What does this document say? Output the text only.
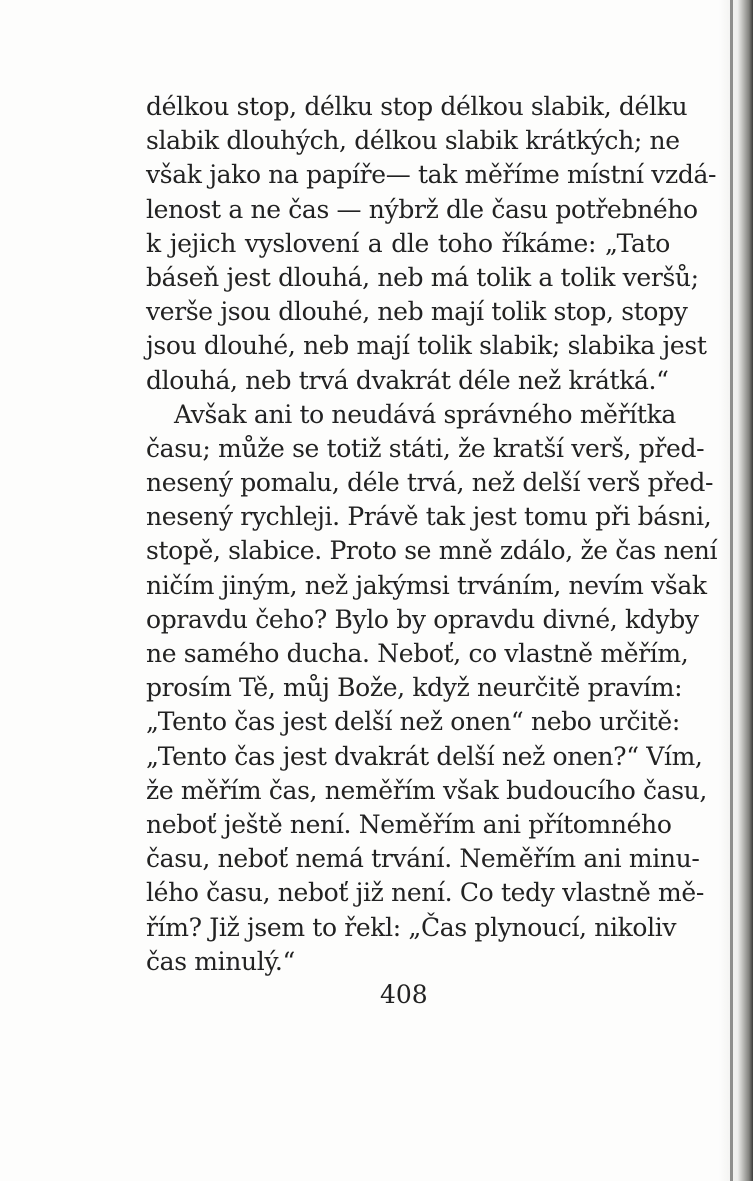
délkou stop, délku stop délkou slabik, délku
slabik dlouhých, délkou slabik krátkých; ne
však jako na papíře— tak měříme místní vzdá-
lenost a ne čas — nýbrž dle času potřebného
k jejich vyslovení a dle toho říkáme: „Tato
báseň jest dlouhá, neb má tolik a tolik veršů;
verše jsou dlouhé, neb mají tolik stop, stopy
jsou dlouhé, neb mají tolik slabik; slabika jest
dlouhá, neb trvá dvakrát déle než krátká.“
Avšak ani to neudává správného měřítka
času; může se totiž státi, že kratší verš, před-
nesený pomalu, déle trvá, než delší verš před-
nesený rychleji. Právě tak jest tomu při básni,
stopě, slabice. Proto se mně zdálo, že čas není
ničím jiným, než jakýmsi trváním, nevím však
opravdu čeho? Bylo by opravdu divné, kdyby
ne samého ducha. Neboť, co vlastně měřím,
prosím Tě, můj Bože, když neurčitě pravím:
„Tento čas jest delší než onen“ nebo určitě:
„Tento čas jest dvakrát delší než onen?“ Vím,
že měřím čas, neměřím však budoucího času,
neboť ještě není. Neměřím ani přítomného
času, neboť nemá trvání. Neměřím ani minu-
lého času, neboť již není. Co tedy vlastně mě-
řím? Již jsem to řekl: „Čas plynoucí, nikoliv
čas minulý.“
408
